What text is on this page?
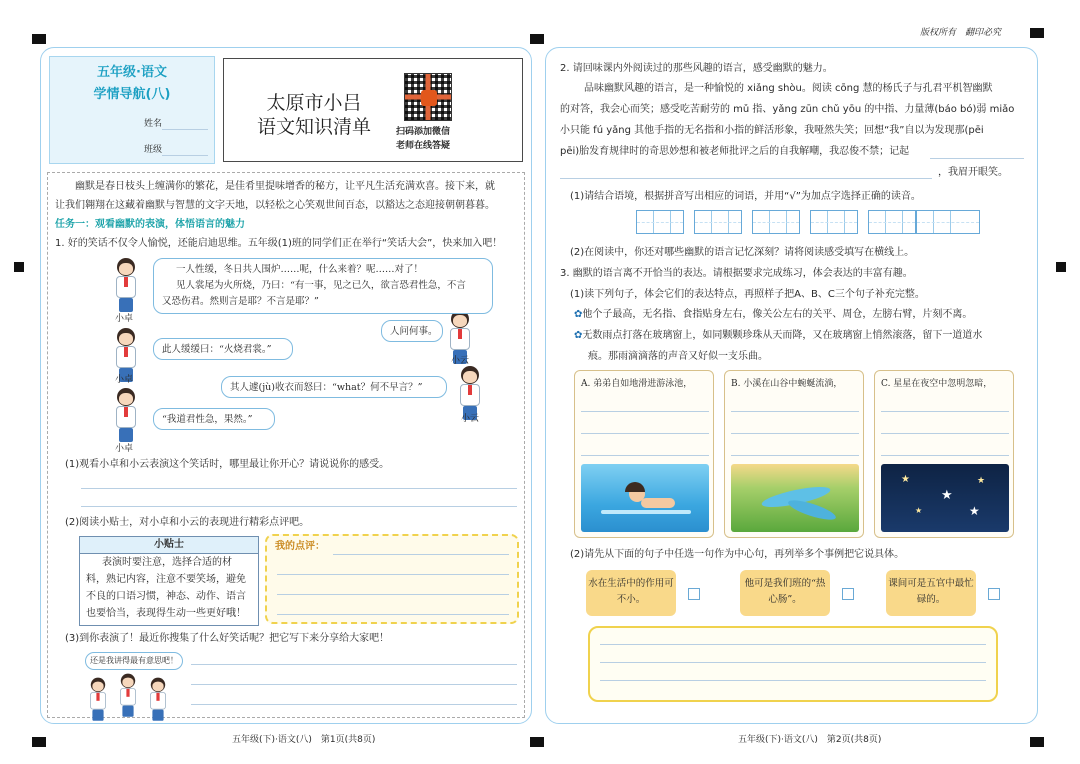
版权所有　翻印必究
五年级·语文
学情导航(八)
姓名
班级
太原市小吕
语文知识清单	扫码添加微信
老师在线答疑
幽默是春日枝头上缠满你的繁花，是佳肴里提味增香的秘方，让平凡生活充满欢喜。接下来，就
让我们翱翔在这藏着幽默与智慧的文字天地，以轻松之心笑观世间百态，以豁达之态迎接朝朝暮暮。
任务一：观看幽默的表演，体悟语言的魅力
1. 好的笑话不仅令人愉悦，还能启迪思维。五年级(1)班的同学们正在举行“笑话大会”，快来加入吧！
小卓
小卓
小卓
小云
小云
一人性缓，冬日共人围炉……呢，什么来着？呢……对了！
见人裳尾为火所烧，乃曰：“有一事，见之已久，欲言恐君性急，不言
又恐伤君。然则言是耶？不言是耶？”
人问何事。
此人缓缓曰：“火烧君裳。”
其人遽(jù)收衣而怒曰：“what？何不早言？”
“我道君性急，果然。”
(1)观看小卓和小云表演这个笑话时，哪里最让你开心？请说说你的感受。
(2)阅读小贴士，对小卓和小云的表现进行精彩点评吧。
小贴士
表演时要注意，选择合适的材
料，熟记内容，注意不要笑场，避免
不良的口语习惯，神态、动作、语言
也要恰当，表现得生动一些更好哦！
我的点评：
(3)到你表演了！最近你搜集了什么好笑话呢？把它写下来分享给大家吧！
还是我讲得最有意思吧！
五年级(下)·语文(八)　第1页(共8页)
2. 请回味课内外阅读过的那些风趣的语言，感受幽默的魅力。
品味幽默风趣的语言，是一种愉悦的 xiǎng shòu。阅读 cōng 慧的杨氏子与孔君平机智幽默
的对答，我会心而笑；感受吃苦耐劳的 mǔ 指、yǎng zūn chǔ yōu 的中指、力量薄(báo bó)弱 miǎo
小只能 fú yǎng 其他手指的无名指和小指的鲜活形象，我哑然失笑；回想“我”自以为发现那(pēi
pēi)胎发育规律时的奇思妙想和被老师批评之后的自我解嘲，我忍俊不禁；记起
，我眉开眼笑。
(1)请结合语境，根据拼音写出相应的词语，并用“√”为加点字选择正确的读音。
(2)在阅读中，你还对哪些幽默的语言记忆深刻？请将阅读感受填写在横线上。
3. 幽默的语言离不开恰当的表达。请根据要求完成练习，体会表达的丰富有趣。
(1)读下列句子，体会它们的表达特点，再照样子把A、B、C三个句子补充完整。
✿他个子最高，无名指、食指贴身左右，像关公左右的关平、周仓，左膀右臂，片刻不离。
✿无数雨点打落在玻璃窗上，如同颗颗珍珠从天而降，又在玻璃窗上悄然滚落，留下一道道水
痕。那雨滴滴落的声音又好似一支乐曲。
A. 弟弟自如地滑进游泳池，	B. 小溪在山谷中蜿蜒流淌，	C. 星星在夜空中忽明忽暗，
★
★
★
★
★
(2)请先从下面的句子中任选一句作为中心句，再列举多个事例把它说具体。
水在生活中的作用可不小。
他可是我们班的“热心肠”。
课间可是五官中最忙碌的。
五年级(下)·语文(八)　第2页(共8页)
